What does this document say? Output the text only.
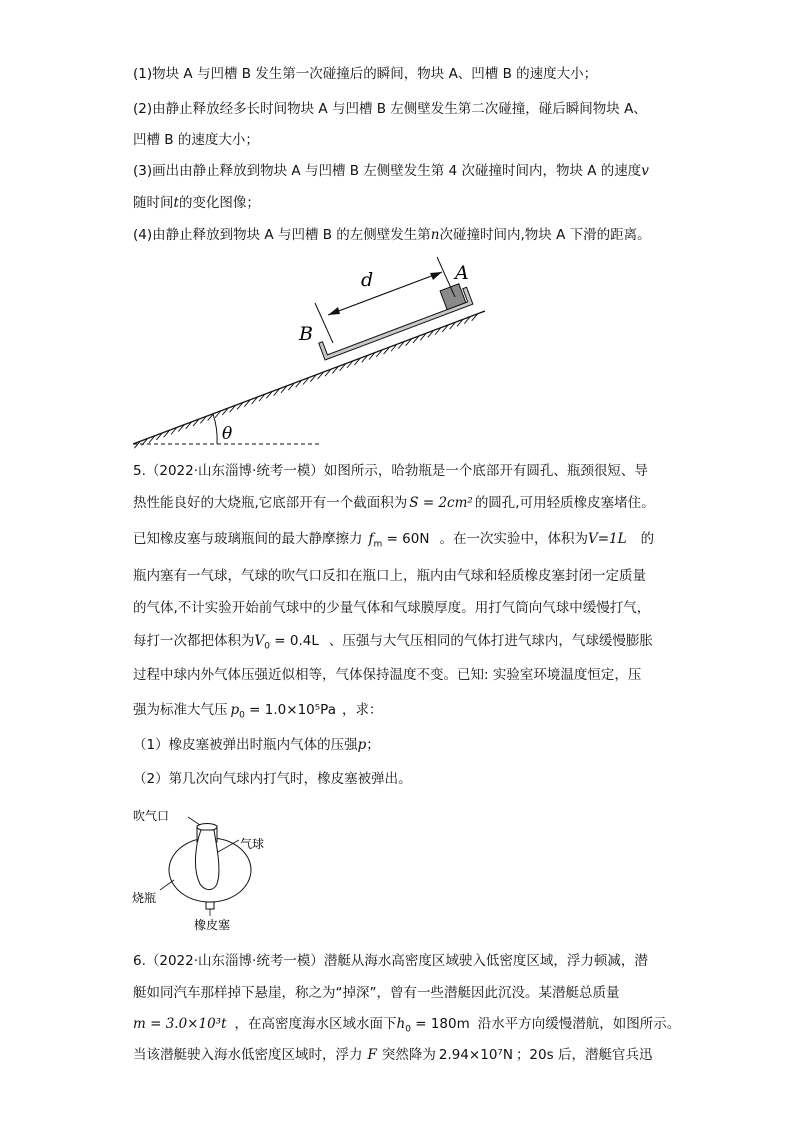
(1)物块 A 与凹槽 B 发生第一次碰撞后的瞬间，物块 A、凹槽 B 的速度大小；
(2)由静止释放经多长时间物块 A 与凹槽 B 左侧壁发生第二次碰撞，碰后瞬间物块 A、
凹槽 B 的速度大小；
(3)画出由静止释放到物块 A 与凹槽 B 左侧壁发生第 4 次碰撞时间内，物块 A 的速度v
随时间t的变化图像；
(4)由静止释放到物块 A 与凹槽 B 的左侧壁发生第n次碰撞时间内,物块 A 下滑的距离。
θ
d	A
B
5.（2022·山东淄博·统考一模）如图所示，哈勃瓶是一个底部开有圆孔、瓶颈很短、导
热性能良好的大烧瓶,它底部开有一个截面积为 S = 2cm² 的圆孔,可用轻质橡皮塞堵住。
已知橡皮塞与玻璃瓶间的最大静摩擦力 $f_m = 60N$ 。在一次实验中，体积为V=1L 的
瓶内塞有一气球，气球的吹气口反扣在瓶口上，瓶内由气球和轻质橡皮塞封闭一定质量
的气体,不计实验开始前气球中的少量气体和气球膜厚度。用打气筒向气球中缓慢打气，
每打一次都把体积为$V_0 = 0.4L$ 、压强与大气压相同的气体打进气球内，气球缓慢膨胀
过程中球内外气体压强近似相等，气体保持温度不变。已知: 实验室环境温度恒定，压
强为标准大气压 $p_0 = 1.0\times 10^5Pa$ ，求：
（1）橡皮塞被弹出时瓶内气体的压强p；
（2）第几次向气球内打气时，橡皮塞被弹出。
吹气口
气球
烧瓶
橡皮塞
6.（2022·山东淄博·统考一模）潜艇从海水高密度区域驶入低密度区域，浮力顿减，潜
艇如同汽车那样掉下悬崖，称之为“掉深”，曾有一些潜艇因此沉没。某潜艇总质量
m = 3.0×10³t ，在高密度海水区域水面下$h_0 = 180m$ 沿水平方向缓慢潜航，如图所示。
当该潜艇驶入海水低密度区域时，浮力 F 突然降为 2.94×10⁷N ；20s 后，潜艇官兵迅
